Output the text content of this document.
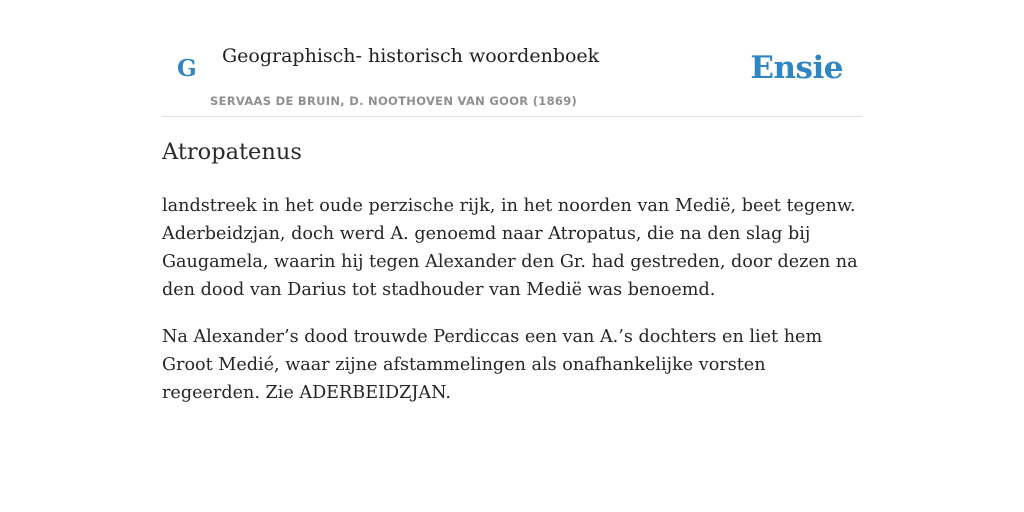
G Geographisch- historisch woordenboek
SERVAAS DE BRUIN, D. NOOTHOVEN VAN GOOR (1869)
Ensie
Atropatenus

landstreek in het oude perzische rijk, in het noorden van Medië, beet tegenw. Aderbeidzjan, doch werd A. genoemd naar Atropatus, die na den slag bij Gaugamela, waarin hij tegen Alexander den Gr. had gestreden, door dezen na den dood van Darius tot stadhouder van Medië was benoemd.

Na Alexander’s dood trouwde Perdiccas een van A.’s dochters en liet hem Groot Medié, waar zijne afstammelingen als onafhankelijke vorsten regeerden. Zie ADERBEIDZJAN.
